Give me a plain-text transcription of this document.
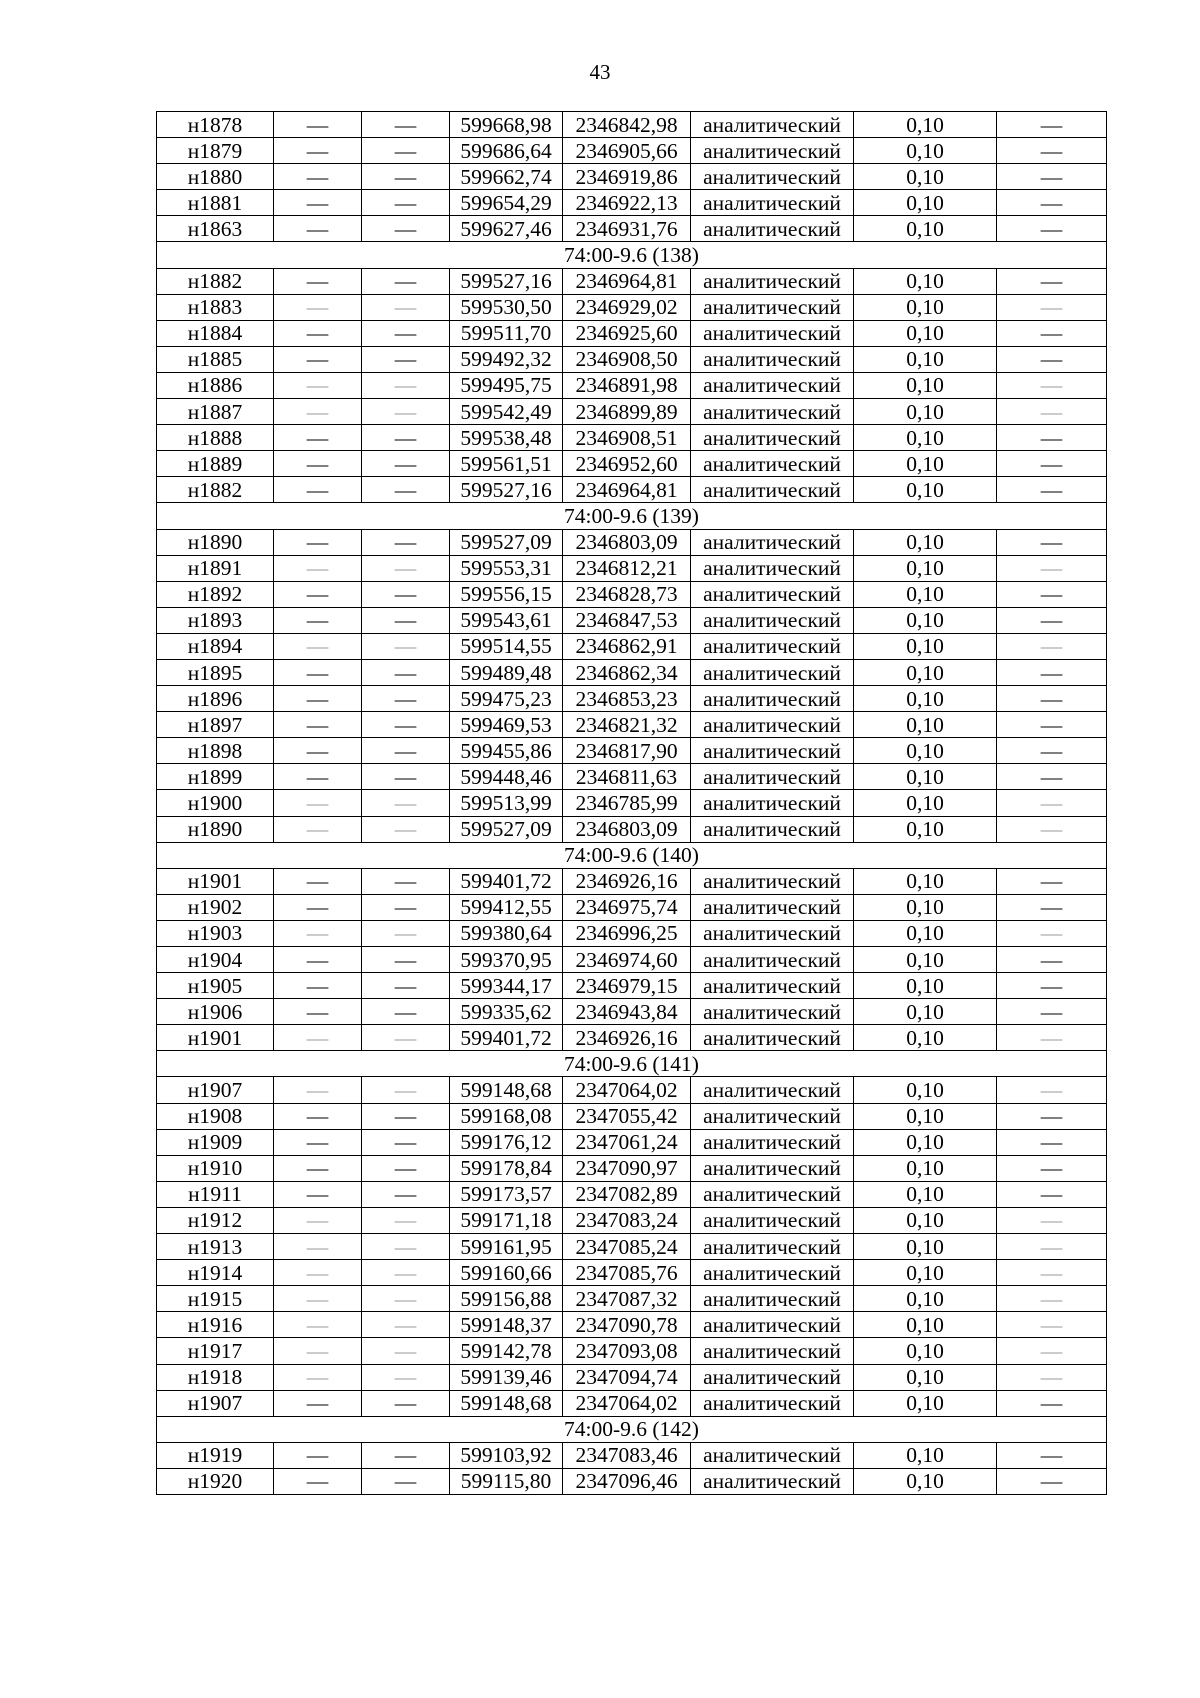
43
н1878	—	—	599668,98	2346842,98	аналитический	0,10	—
н1879	—	—	599686,64	2346905,66	аналитический	0,10	—
н1880	—	—	599662,74	2346919,86	аналитический	0,10	—
н1881	—	—	599654,29	2346922,13	аналитический	0,10	—
н1863	—	—	599627,46	2346931,76	аналитический	0,10	—
74:00-9.6 (138)							
н1882	—	—	599527,16	2346964,81	аналитический	0,10	—
н1883	—	—	599530,50	2346929,02	аналитический	0,10	—
н1884	—	—	599511,70	2346925,60	аналитический	0,10	—
н1885	—	—	599492,32	2346908,50	аналитический	0,10	—
н1886	—	—	599495,75	2346891,98	аналитический	0,10	—
н1887	—	—	599542,49	2346899,89	аналитический	0,10	—
н1888	—	—	599538,48	2346908,51	аналитический	0,10	—
н1889	—	—	599561,51	2346952,60	аналитический	0,10	—
н1882	—	—	599527,16	2346964,81	аналитический	0,10	—
74:00-9.6 (139)							
н1890	—	—	599527,09	2346803,09	аналитический	0,10	—
н1891	—	—	599553,31	2346812,21	аналитический	0,10	—
н1892	—	—	599556,15	2346828,73	аналитический	0,10	—
н1893	—	—	599543,61	2346847,53	аналитический	0,10	—
н1894	—	—	599514,55	2346862,91	аналитический	0,10	—
н1895	—	—	599489,48	2346862,34	аналитический	0,10	—
н1896	—	—	599475,23	2346853,23	аналитический	0,10	—
н1897	—	—	599469,53	2346821,32	аналитический	0,10	—
н1898	—	—	599455,86	2346817,90	аналитический	0,10	—
н1899	—	—	599448,46	2346811,63	аналитический	0,10	—
н1900	—	—	599513,99	2346785,99	аналитический	0,10	—
н1890	—	—	599527,09	2346803,09	аналитический	0,10	—
74:00-9.6 (140)							
н1901	—	—	599401,72	2346926,16	аналитический	0,10	—
н1902	—	—	599412,55	2346975,74	аналитический	0,10	—
н1903	—	—	599380,64	2346996,25	аналитический	0,10	—
н1904	—	—	599370,95	2346974,60	аналитический	0,10	—
н1905	—	—	599344,17	2346979,15	аналитический	0,10	—
н1906	—	—	599335,62	2346943,84	аналитический	0,10	—
н1901	—	—	599401,72	2346926,16	аналитический	0,10	—
74:00-9.6 (141)							
н1907	—	—	599148,68	2347064,02	аналитический	0,10	—
н1908	—	—	599168,08	2347055,42	аналитический	0,10	—
н1909	—	—	599176,12	2347061,24	аналитический	0,10	—
н1910	—	—	599178,84	2347090,97	аналитический	0,10	—
н1911	—	—	599173,57	2347082,89	аналитический	0,10	—
н1912	—	—	599171,18	2347083,24	аналитический	0,10	—
н1913	—	—	599161,95	2347085,24	аналитический	0,10	—
н1914	—	—	599160,66	2347085,76	аналитический	0,10	—
н1915	—	—	599156,88	2347087,32	аналитический	0,10	—
н1916	—	—	599148,37	2347090,78	аналитический	0,10	—
н1917	—	—	599142,78	2347093,08	аналитический	0,10	—
н1918	—	—	599139,46	2347094,74	аналитический	0,10	—
н1907	—	—	599148,68	2347064,02	аналитический	0,10	—
74:00-9.6 (142)							
н1919	—	—	599103,92	2347083,46	аналитический	0,10	—
н1920	—	—	599115,80	2347096,46	аналитический	0,10	—
